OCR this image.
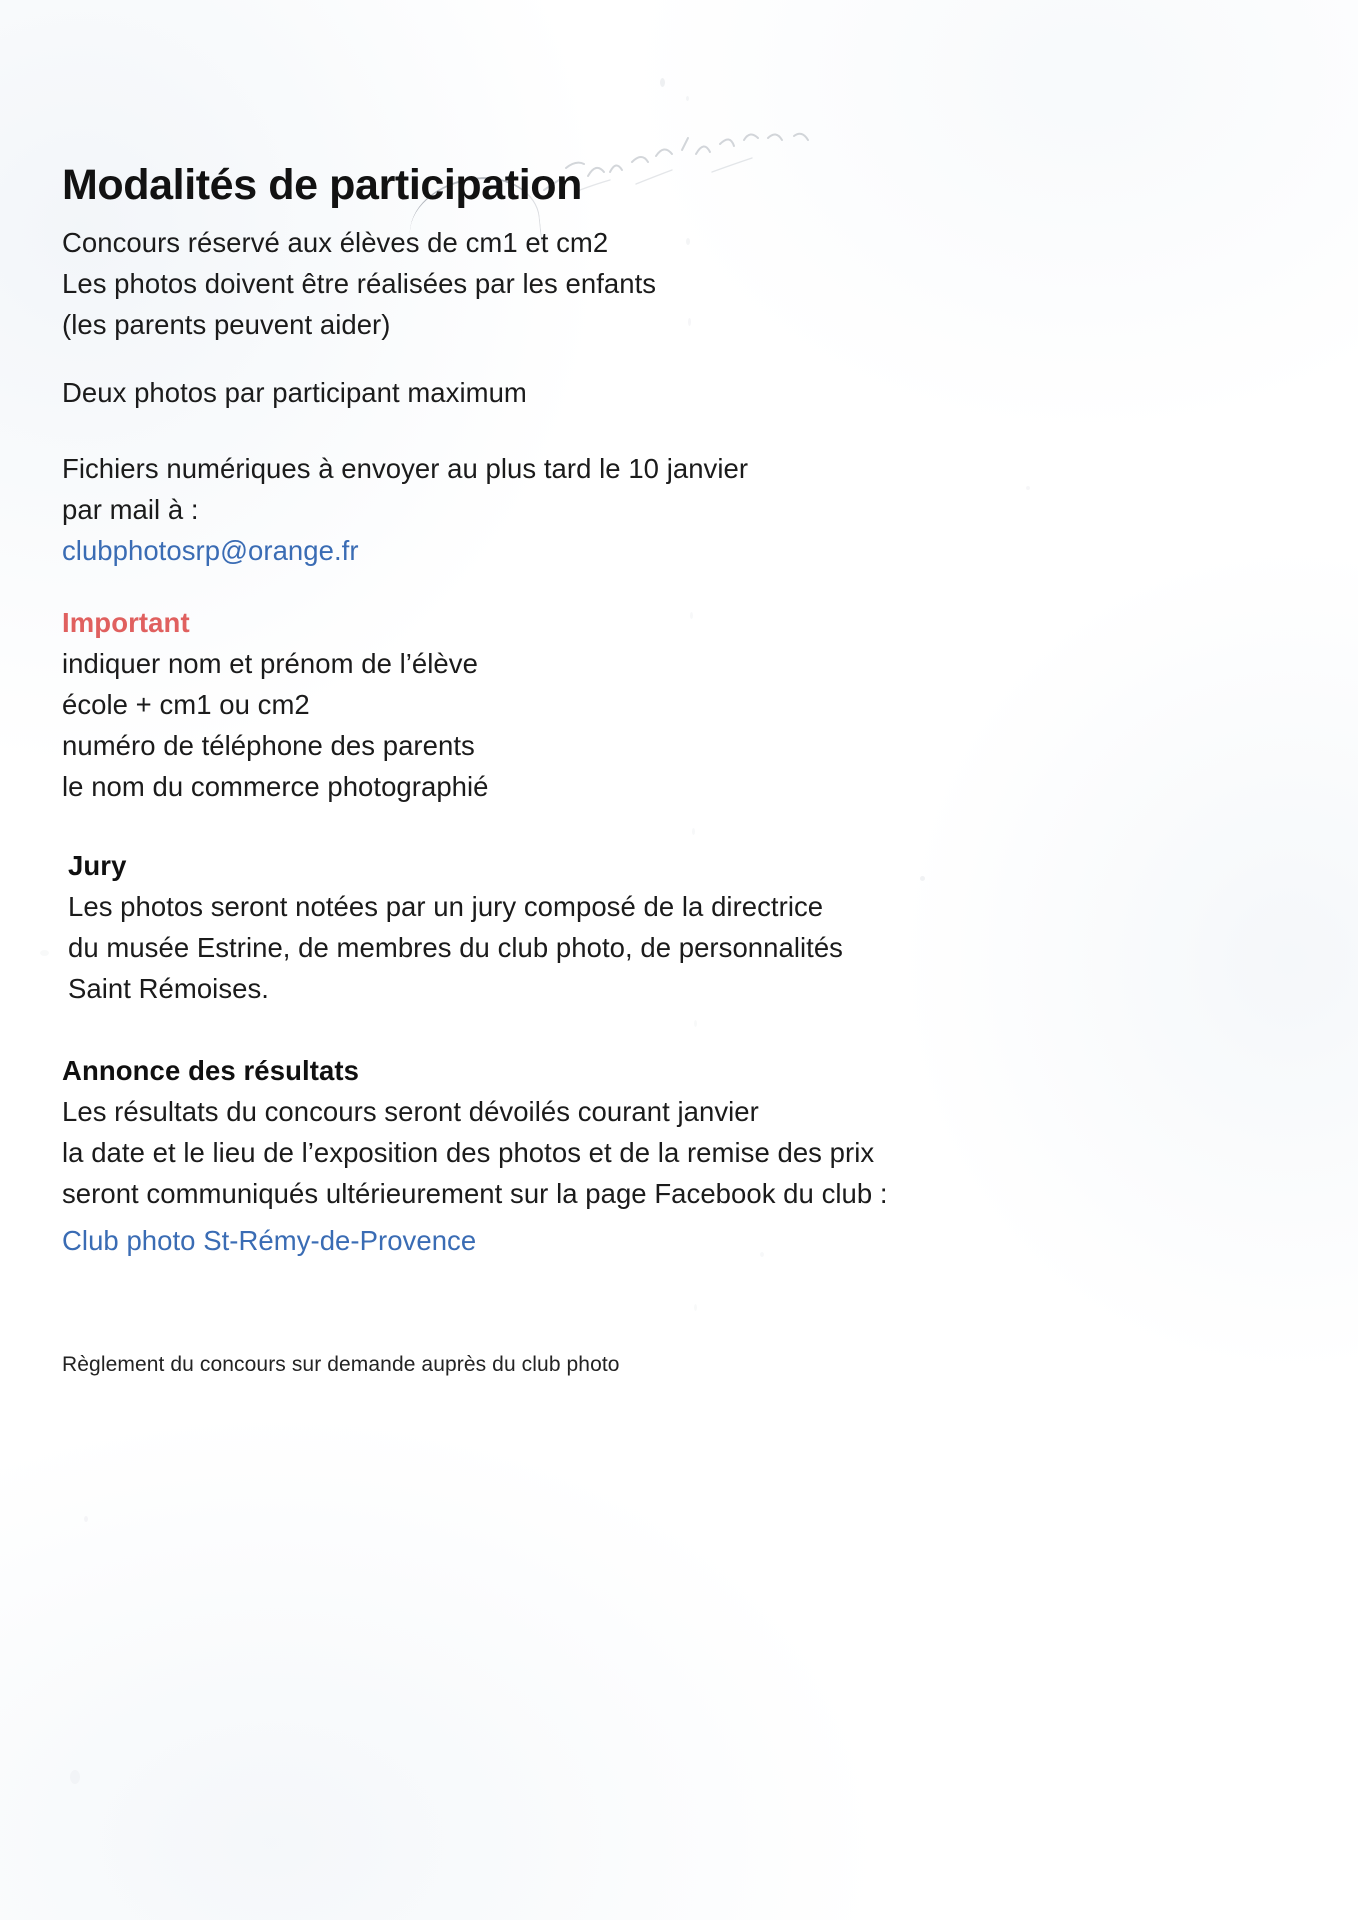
Modalités de participation
Concours réservé aux élèves de cm1 et cm2
Les photos doivent être réalisées par les enfants
(les parents peuvent aider)
Deux photos par participant maximum
Fichiers numériques à envoyer au plus tard le 10 janvier
par mail à :
clubphotosrp@orange.fr
Important
indiquer nom et prénom de l’élève
école + cm1 ou cm2
numéro de téléphone des parents
le nom du commerce photographié
Jury
Les photos seront notées par un jury composé de la directrice
du musée Estrine, de membres du club photo, de personnalités
Saint Rémoises.
Annonce des résultats
Les résultats du concours seront dévoilés courant janvier
la date et le lieu de l’exposition des photos et de la remise des prix
seront communiqués ultérieurement sur la page Facebook du club :
Club photo St-Rémy-de-Provence
Règlement du concours sur demande auprès du club photo
